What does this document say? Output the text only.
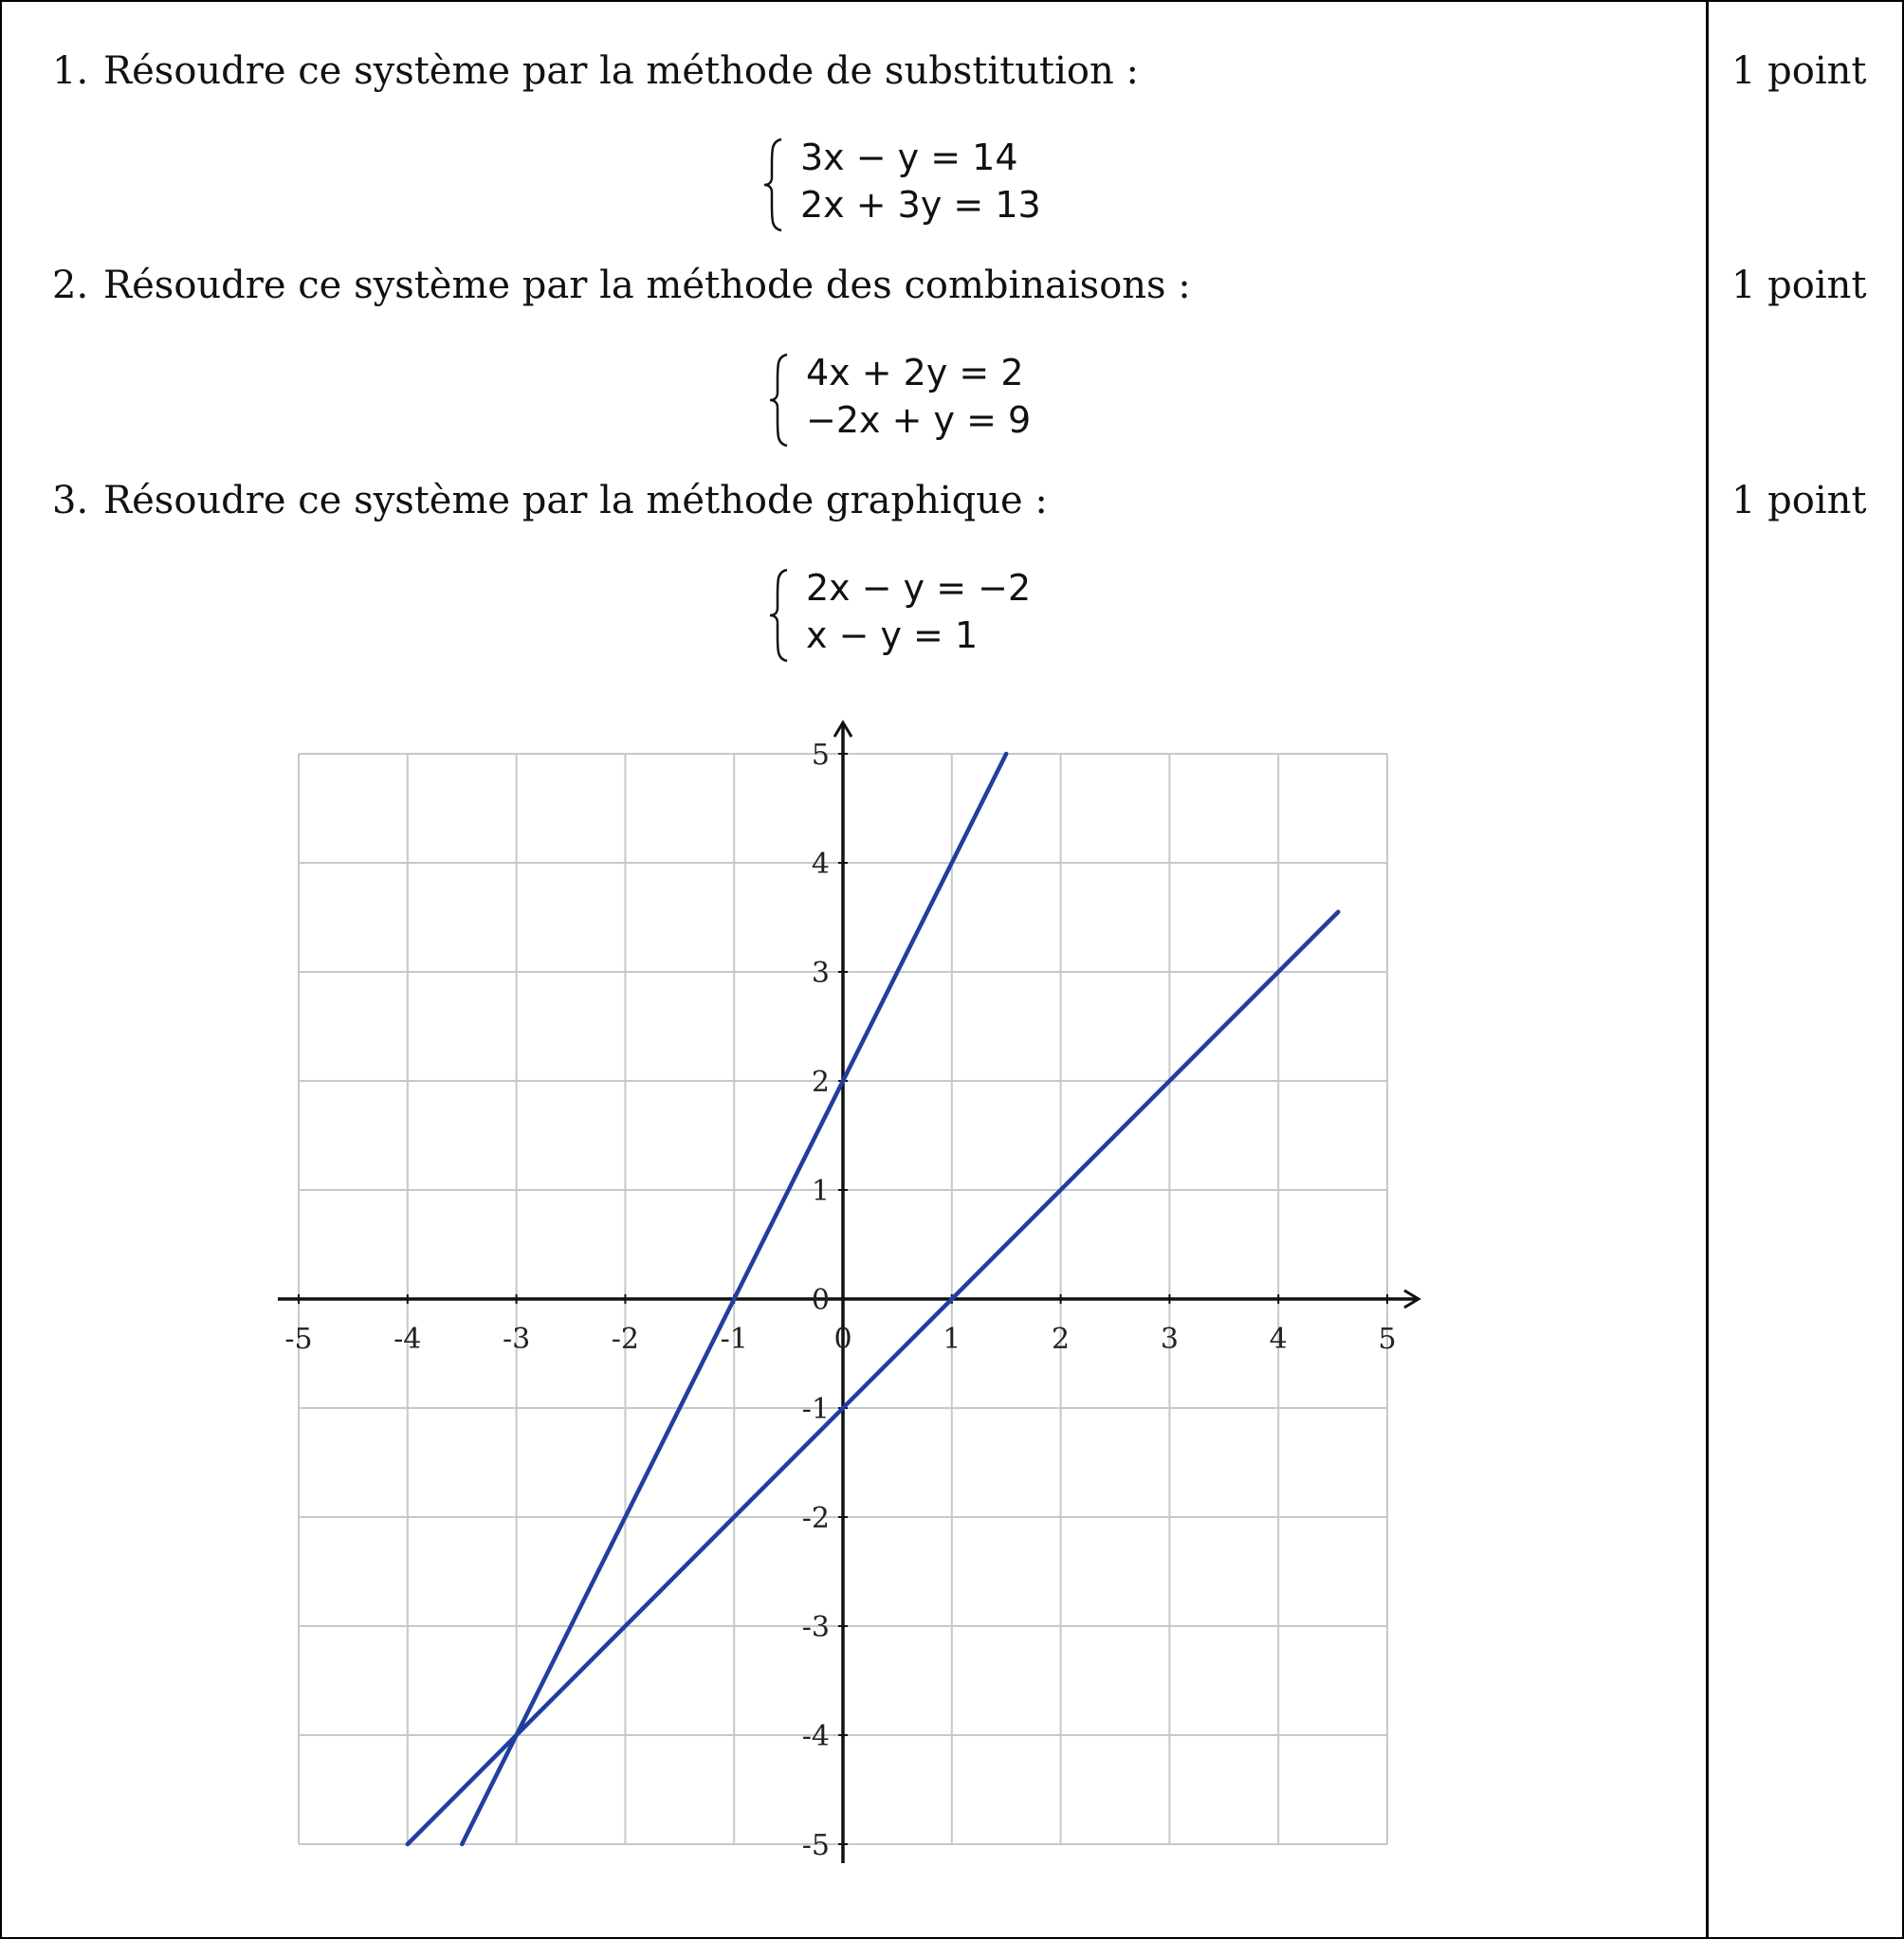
1. Résoudre ce système par la méthode de substitution :	1 point
3x − y = 14
2x + 3y = 13
2. Résoudre ce système par la méthode des combinaisons :	1 point
4x + 2y = 2
−2x + y = 9
3. Résoudre ce système par la méthode graphique :	1 point
2x − y = −2
x − y = 1
-5	-4	-3	-2	-1	0	1	2	3	4	5
5
4
3
2
1
0
-1
-2
-3
-4
-5
